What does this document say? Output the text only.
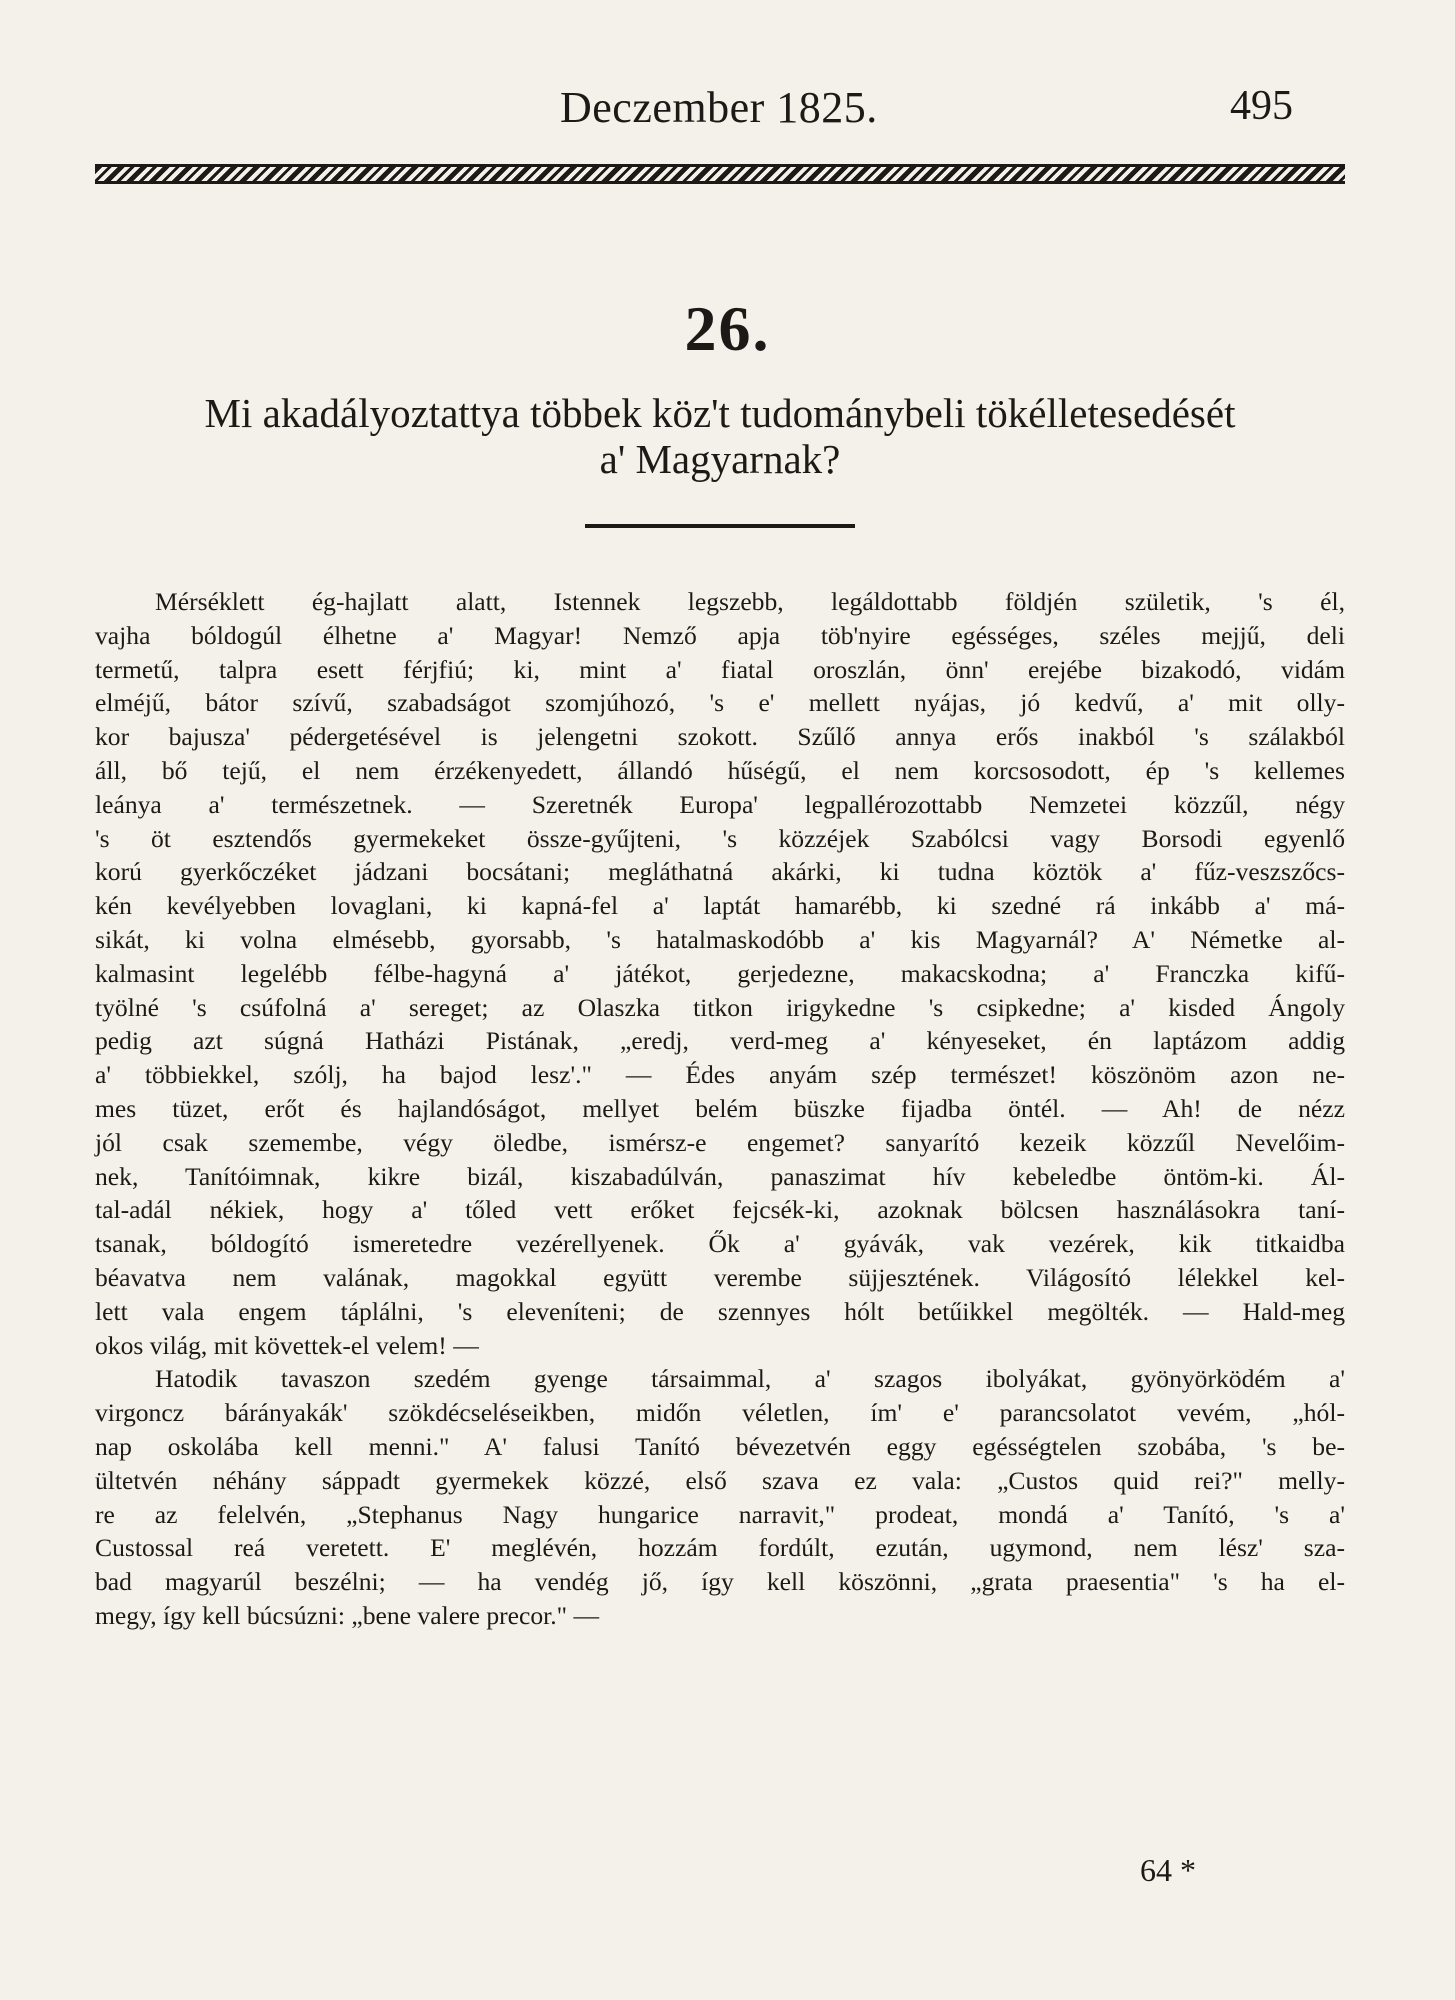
Deczember 1825.	495
26.
Mi akadályoztattya többek köz't tudománybeli tökélletesedését
a' Magyarnak?
Mérséklett ég-hajlatt alatt, Istennek legszebb, legáldottabb földjén születik, 's él,
vajha bóldogúl élhetne a' Magyar! Nemző apja töb'nyire egésséges, széles mejjű, deli
termetű, talpra esett férjfiú; ki, mint a' fiatal oroszlán, önn' erejébe bizakodó, vidám
elméjű, bátor szívű, szabadságot szomjúhozó, 's e' mellett nyájas, jó kedvű, a' mit olly-
kor bajusza' pédergetésével is jelengetni szokott. Szűlő annya erős inakból 's szálakból
áll, bő tejű, el nem érzékenyedett, állandó hűségű, el nem korcsosodott, ép 's kellemes
leánya a' természetnek. — Szeretnék Europa' legpallérozottabb Nemzetei közzűl, négy
's öt esztendős gyermekeket össze-gyűjteni, 's közzéjek Szabólcsi vagy Borsodi egyenlő
korú gyerkőczéket jádzani bocsátani; megláthatná akárki, ki tudna köztök a' fűz-veszszőcs-
kén kevélyebben lovaglani, ki kapná-fel a' laptát hamarébb, ki szedné rá inkább a' má-
sikát, ki volna elmésebb, gyorsabb, 's hatalmaskodóbb a' kis Magyarnál? A' Németke al-
kalmasint legelébb félbe-hagyná a' játékot, gerjedezne, makacskodna; a' Franczka kifű-
työlné 's csúfolná a' sereget; az Olaszka titkon irigykedne 's csipkedne; a' kisded Ángoly
pedig azt súgná Hatházi Pistának, „eredj, verd-meg a' kényeseket, én laptázom addig
a' többiekkel, szólj, ha bajod lesz'." — Édes anyám szép természet! köszönöm azon ne-
mes tüzet, erőt és hajlandóságot, mellyet belém büszke fijadba öntél. — Ah! de nézz
jól csak szemembe, végy öledbe, ismérsz-e engemet? sanyarító kezeik közzűl Nevelőim-
nek, Tanítóimnak, kikre bizál, kiszabadúlván, panaszimat hív kebeledbe öntöm-ki. Ál-
tal-adál nékiek, hogy a' tőled vett erőket fejcsék-ki, azoknak bölcsen használásokra taní-
tsanak, bóldogító ismeretedre vezérellyenek. Ők a' gyávák, vak vezérek, kik titkaidba
béavatva nem valának, magokkal együtt verembe süjjesztének. Világosító lélekkel kel-
lett vala engem táplálni, 's eleveníteni; de szennyes hólt betűikkel megölték. — Hald-meg
okos világ, mit követtek-el velem! —
Hatodik tavaszon szedém gyenge társaimmal, a' szagos ibolyákat, gyönyörködém a'
virgoncz bárányakák' szökdécseléseikben, midőn véletlen, ím' e' parancsolatot vevém, „hól-
nap oskolába kell menni." A' falusi Tanító bévezetvén eggy egésségtelen szobába, 's be-
ültetvén néhány sáppadt gyermekek közzé, első szava ez vala: „Custos quid rei?" melly-
re az felelvén, „Stephanus Nagy hungarice narravit," prodeat, mondá a' Tanító, 's a'
Custossal reá veretett. E' meglévén, hozzám fordúlt, ezután, ugymond, nem lész' sza-
bad magyarúl beszélni; — ha vendég jő, így kell köszönni, „grata praesentia" 's ha el-
megy, így kell búcsúzni: „bene valere precor." —
64 *
